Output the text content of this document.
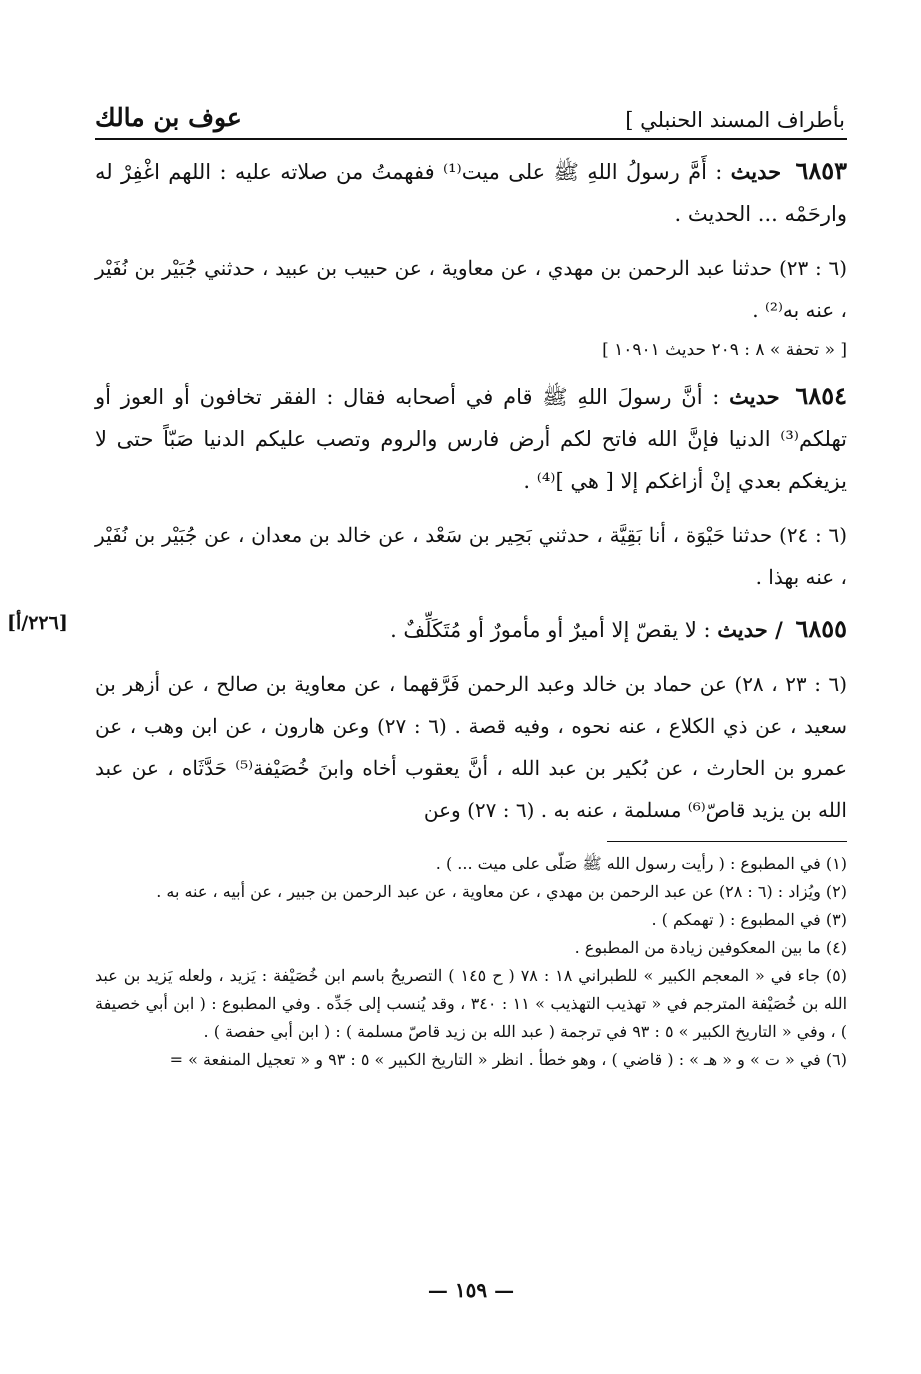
بأطراف المسند الحنبلي ]
عوف بن مالك

٦٨٥٣ حديث : أَمَّ رسولُ اللهِ ﷺ على ميت⁽¹⁾ ففهمتُ من صلاته عليه : اللهم اغْفِرْ له وارحَمْه ... الحديث .

(٦ : ٢٣) حدثنا عبد الرحمن بن مهدي ، عن معاوية ، عن حبيب بن عبيد ، حدثني جُبَيْر بن نُفَيْر ، عنه به⁽²⁾ .

[ « تحفة » ٨ : ٢٠٩ حديث ١٠٩٠١ ]

٦٨٥٤ حديث : أنَّ رسولَ اللهِ ﷺ قام في أصحابه فقال : الفقر تخافون أو العوز أو تهلكم⁽³⁾ الدنيا فإنَّ الله فاتح لكم أرض فارس والروم وتصب عليكم الدنيا صَبّاً حتى لا يزيغكم بعدي إنْ أزاغكم إلا [ هي ]⁽⁴⁾ .

(٦ : ٢٤) حدثنا حَيْوَة ، أنا بَقِيَّة ، حدثني بَحِير بن سَعْد ، عن خالد بن معدان ، عن جُبَيْر بن نُفَيْر ، عنه بهذا .

[٢٢٦/أ]	٦٨٥٥ / حديث : لا يقصّ إلا أميرٌ أو مأمورٌ أو مُتَكَلِّفٌ .

(٦ : ٢٣ ، ٢٨) عن حماد بن خالد وعبد الرحمن فَرَّقهما ، عن معاوية بن صالح ، عن أزهر بن سعيد ، عن ذي الكلاع ، عنه نحوه ، وفيه قصة . (٦ : ٢٧) وعن هارون ، عن ابن وهب ، عن عمرو بن الحارث ، عن بُكير بن عبد الله ، أنَّ يعقوب أخاه وابنَ خُصَيْفة⁽⁵⁾ حَدَّثَاه ، عن عبد الله بن يزيد قاصّ⁽⁶⁾ مسلمة ، عنه به . (٦ : ٢٧) وعن

(١) في المطبوع : ( رأيت رسول الله ﷺ صَلّى على ميت ... ) .

(٢) ويُزاد : (٦ : ٢٨) عن عبد الرحمن بن مهدي ، عن معاوية ، عن عبد الرحمن بن جبير ، عن أبيه ، عنه به .

(٣) في المطبوع : ( تهمكم ) .

(٤) ما بين المعكوفين زيادة من المطبوع .

(٥) جاء في « المعجم الكبير » للطبراني ١٨ : ٧٨ ( ح ١٤٥ ) التصريحُ باسم ابن خُصَيْفة : يَزيد ، ولعله يَزيد بن عبد الله بن خُصَيْفة المترجم في « تهذيب التهذيب » ١١ : ٣٤٠ ، وقد يُنسب إلى جَدِّه . وفي المطبوع : ( ابن أبي خصيفة ) ، وفي « التاريخ الكبير » ٥ : ٩٣ في ترجمة ( عبد الله بن زيد قاصّ مسلمة ) : ( ابن أبي حفصة ) .

(٦) في « ت » و « هـ » : ( قاضي ) ، وهو خطأ . انظر « التاريخ الكبير » ٥ : ٩٣ و « تعجيل المنفعة » =

— ١٥٩ —
